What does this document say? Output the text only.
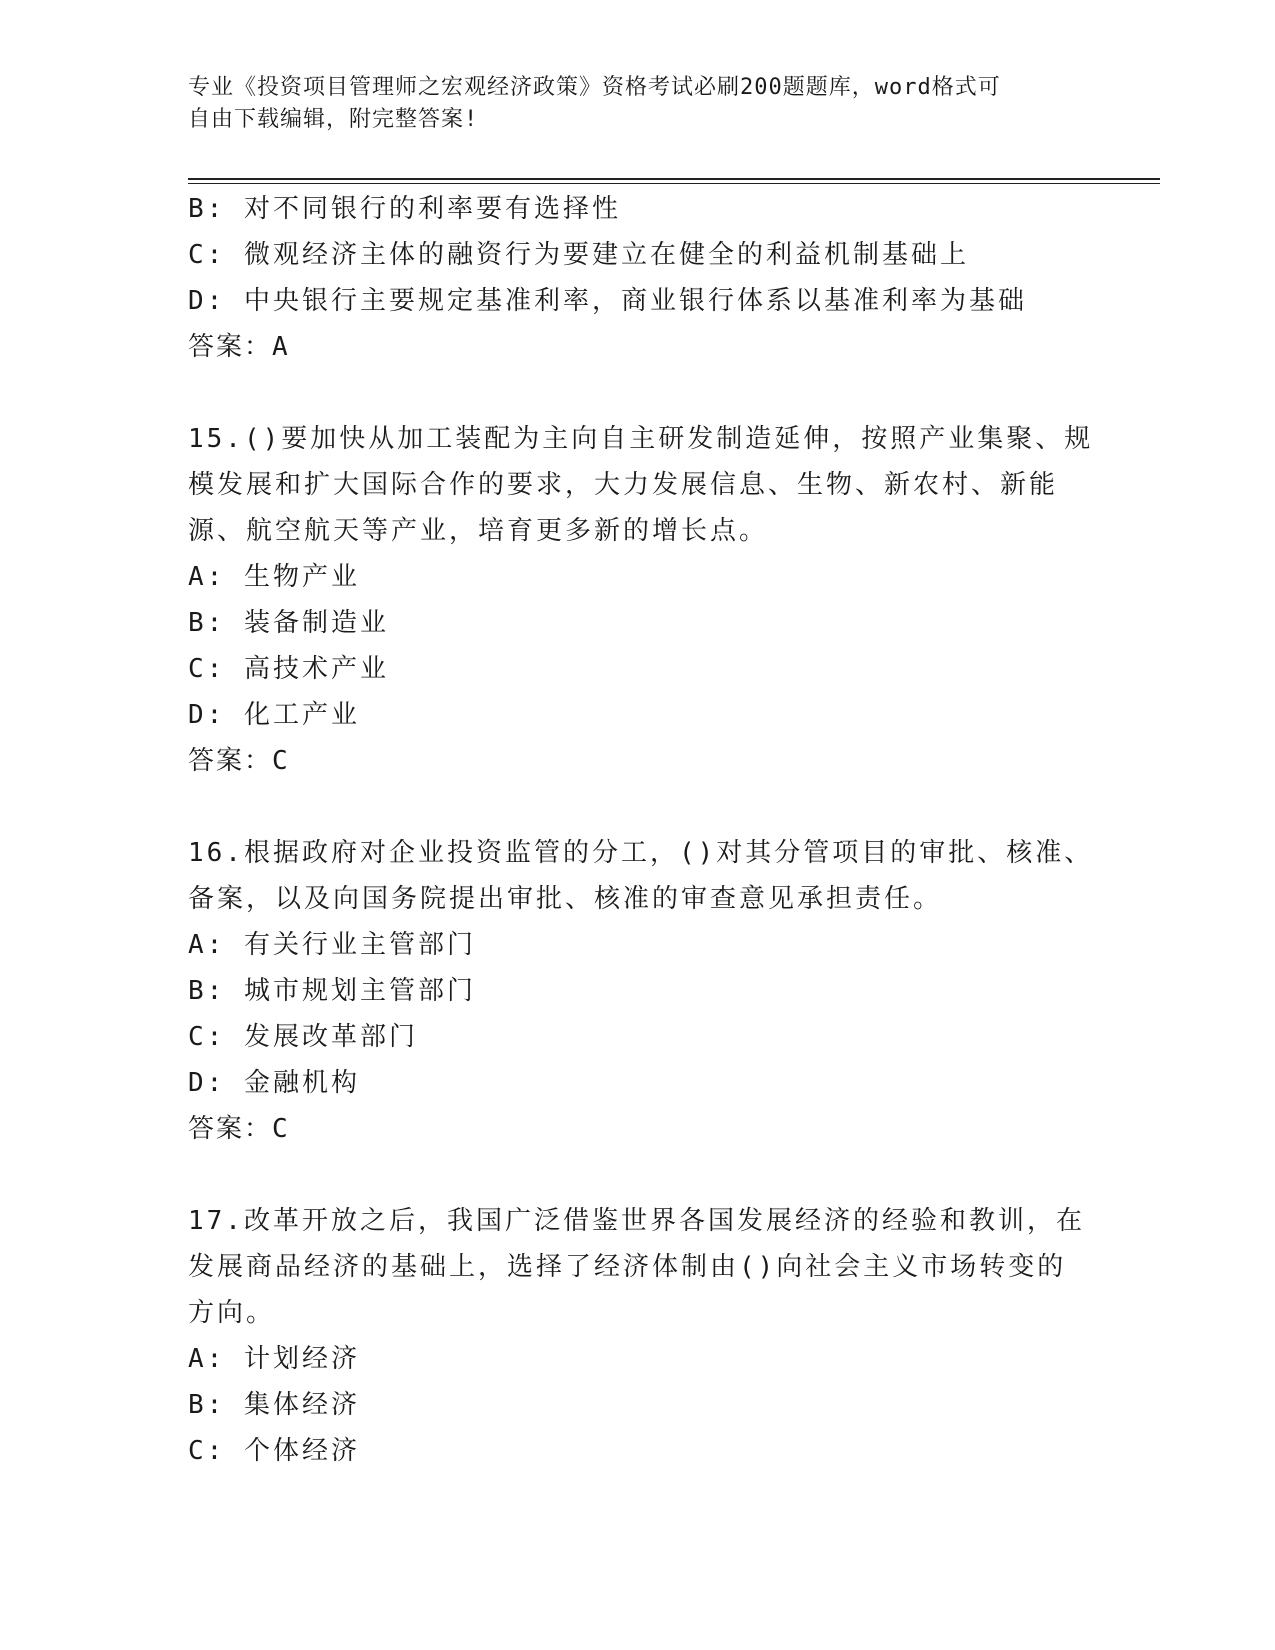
专业《投资项目管理师之宏观经济政策》资格考试必刷200题题库，word格式可
自由下载编辑，附完整答案!
B: 对不同银行的利率要有选择性
C: 微观经济主体的融资行为要建立在健全的利益机制基础上
D: 中央银行主要规定基准利率，商业银行体系以基准利率为基础
答案：A
15.()要加快从加工装配为主向自主研发制造延伸，按照产业集聚、规
模发展和扩大国际合作的要求，大力发展信息、生物、新农村、新能
源、航空航天等产业，培育更多新的增长点。
A: 生物产业
B: 装备制造业
C: 高技术产业
D: 化工产业
答案：C
16.根据政府对企业投资监管的分工，()对其分管项目的审批、核准、
备案，以及向国务院提出审批、核准的审查意见承担责任。
A: 有关行业主管部门
B: 城市规划主管部门
C: 发展改革部门
D: 金融机构
答案：C
17.改革开放之后，我国广泛借鉴世界各国发展经济的经验和教训，在
发展商品经济的基础上，选择了经济体制由()向社会主义市场转变的
方向。
A: 计划经济
B: 集体经济
C: 个体经济
